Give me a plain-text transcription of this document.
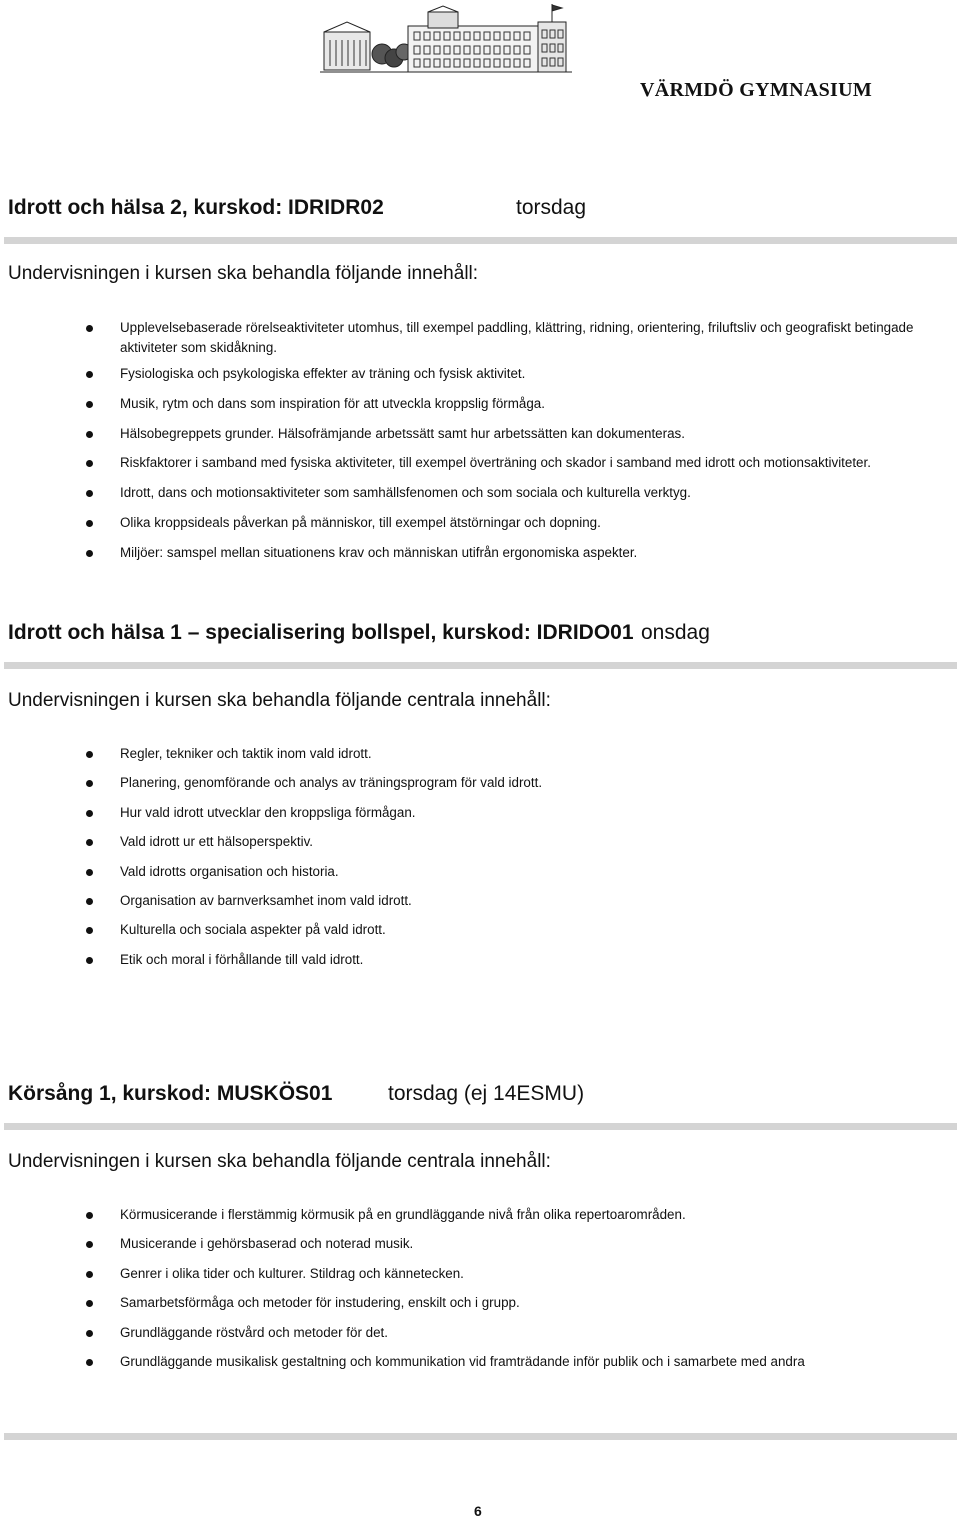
VÄRMDÖ GYMNASIUM
Idrott och hälsa 2, kurskod: IDRIDR02	torsdag
Undervisningen i kursen ska behandla följande innehåll:
Upplevelsebaserade rörelseaktiviteter utomhus, till exempel paddling, klättring, ridning, orientering, friluftsliv och geografiskt betingade aktiviteter som skidåkning.
Fysiologiska och psykologiska effekter av träning och fysisk aktivitet.
Musik, rytm och dans som inspiration för att utveckla kroppslig förmåga.
Hälsobegreppets grunder. Hälsofrämjande arbetssätt samt hur arbetssätten kan dokumenteras.
Riskfaktorer i samband med fysiska aktiviteter, till exempel överträning och skador i samband med idrott och motionsaktiviteter.
Idrott, dans och motionsaktiviteter som samhällsfenomen och som sociala och kulturella verktyg.
Olika kroppsideals påverkan på människor, till exempel ätstörningar och dopning.
Miljöer: samspel mellan situationens krav och människan utifrån ergonomiska aspekter.
Idrott och hälsa 1 – specialisering bollspel, kurskod: IDRIDO01 onsdag
Undervisningen i kursen ska behandla följande centrala innehåll:
Regler, tekniker och taktik inom vald idrott.
Planering, genomförande och analys av träningsprogram för vald idrott.
Hur vald idrott utvecklar den kroppsliga förmågan.
Vald idrott ur ett hälsoperspektiv.
Vald idrotts organisation och historia.
Organisation av barnverksamhet inom vald idrott.
Kulturella och sociala aspekter på vald idrott.
Etik och moral i förhållande till vald idrott.
Körsång 1, kurskod: MUSKÖS01	torsdag (ej 14ESMU)
Undervisningen i kursen ska behandla följande centrala innehåll:
Körmusicerande i flerstämmig körmusik på en grundläggande nivå från olika repertoarområden.
Musicerande i gehörsbaserad och noterad musik.
Genrer i olika tider och kulturer. Stildrag och kännetecken.
Samarbetsförmåga och metoder för instudering, enskilt och i grupp.
Grundläggande röstvård och metoder för det.
Grundläggande musikalisk gestaltning och kommunikation vid framträdande inför publik och i samarbete med andra
6
